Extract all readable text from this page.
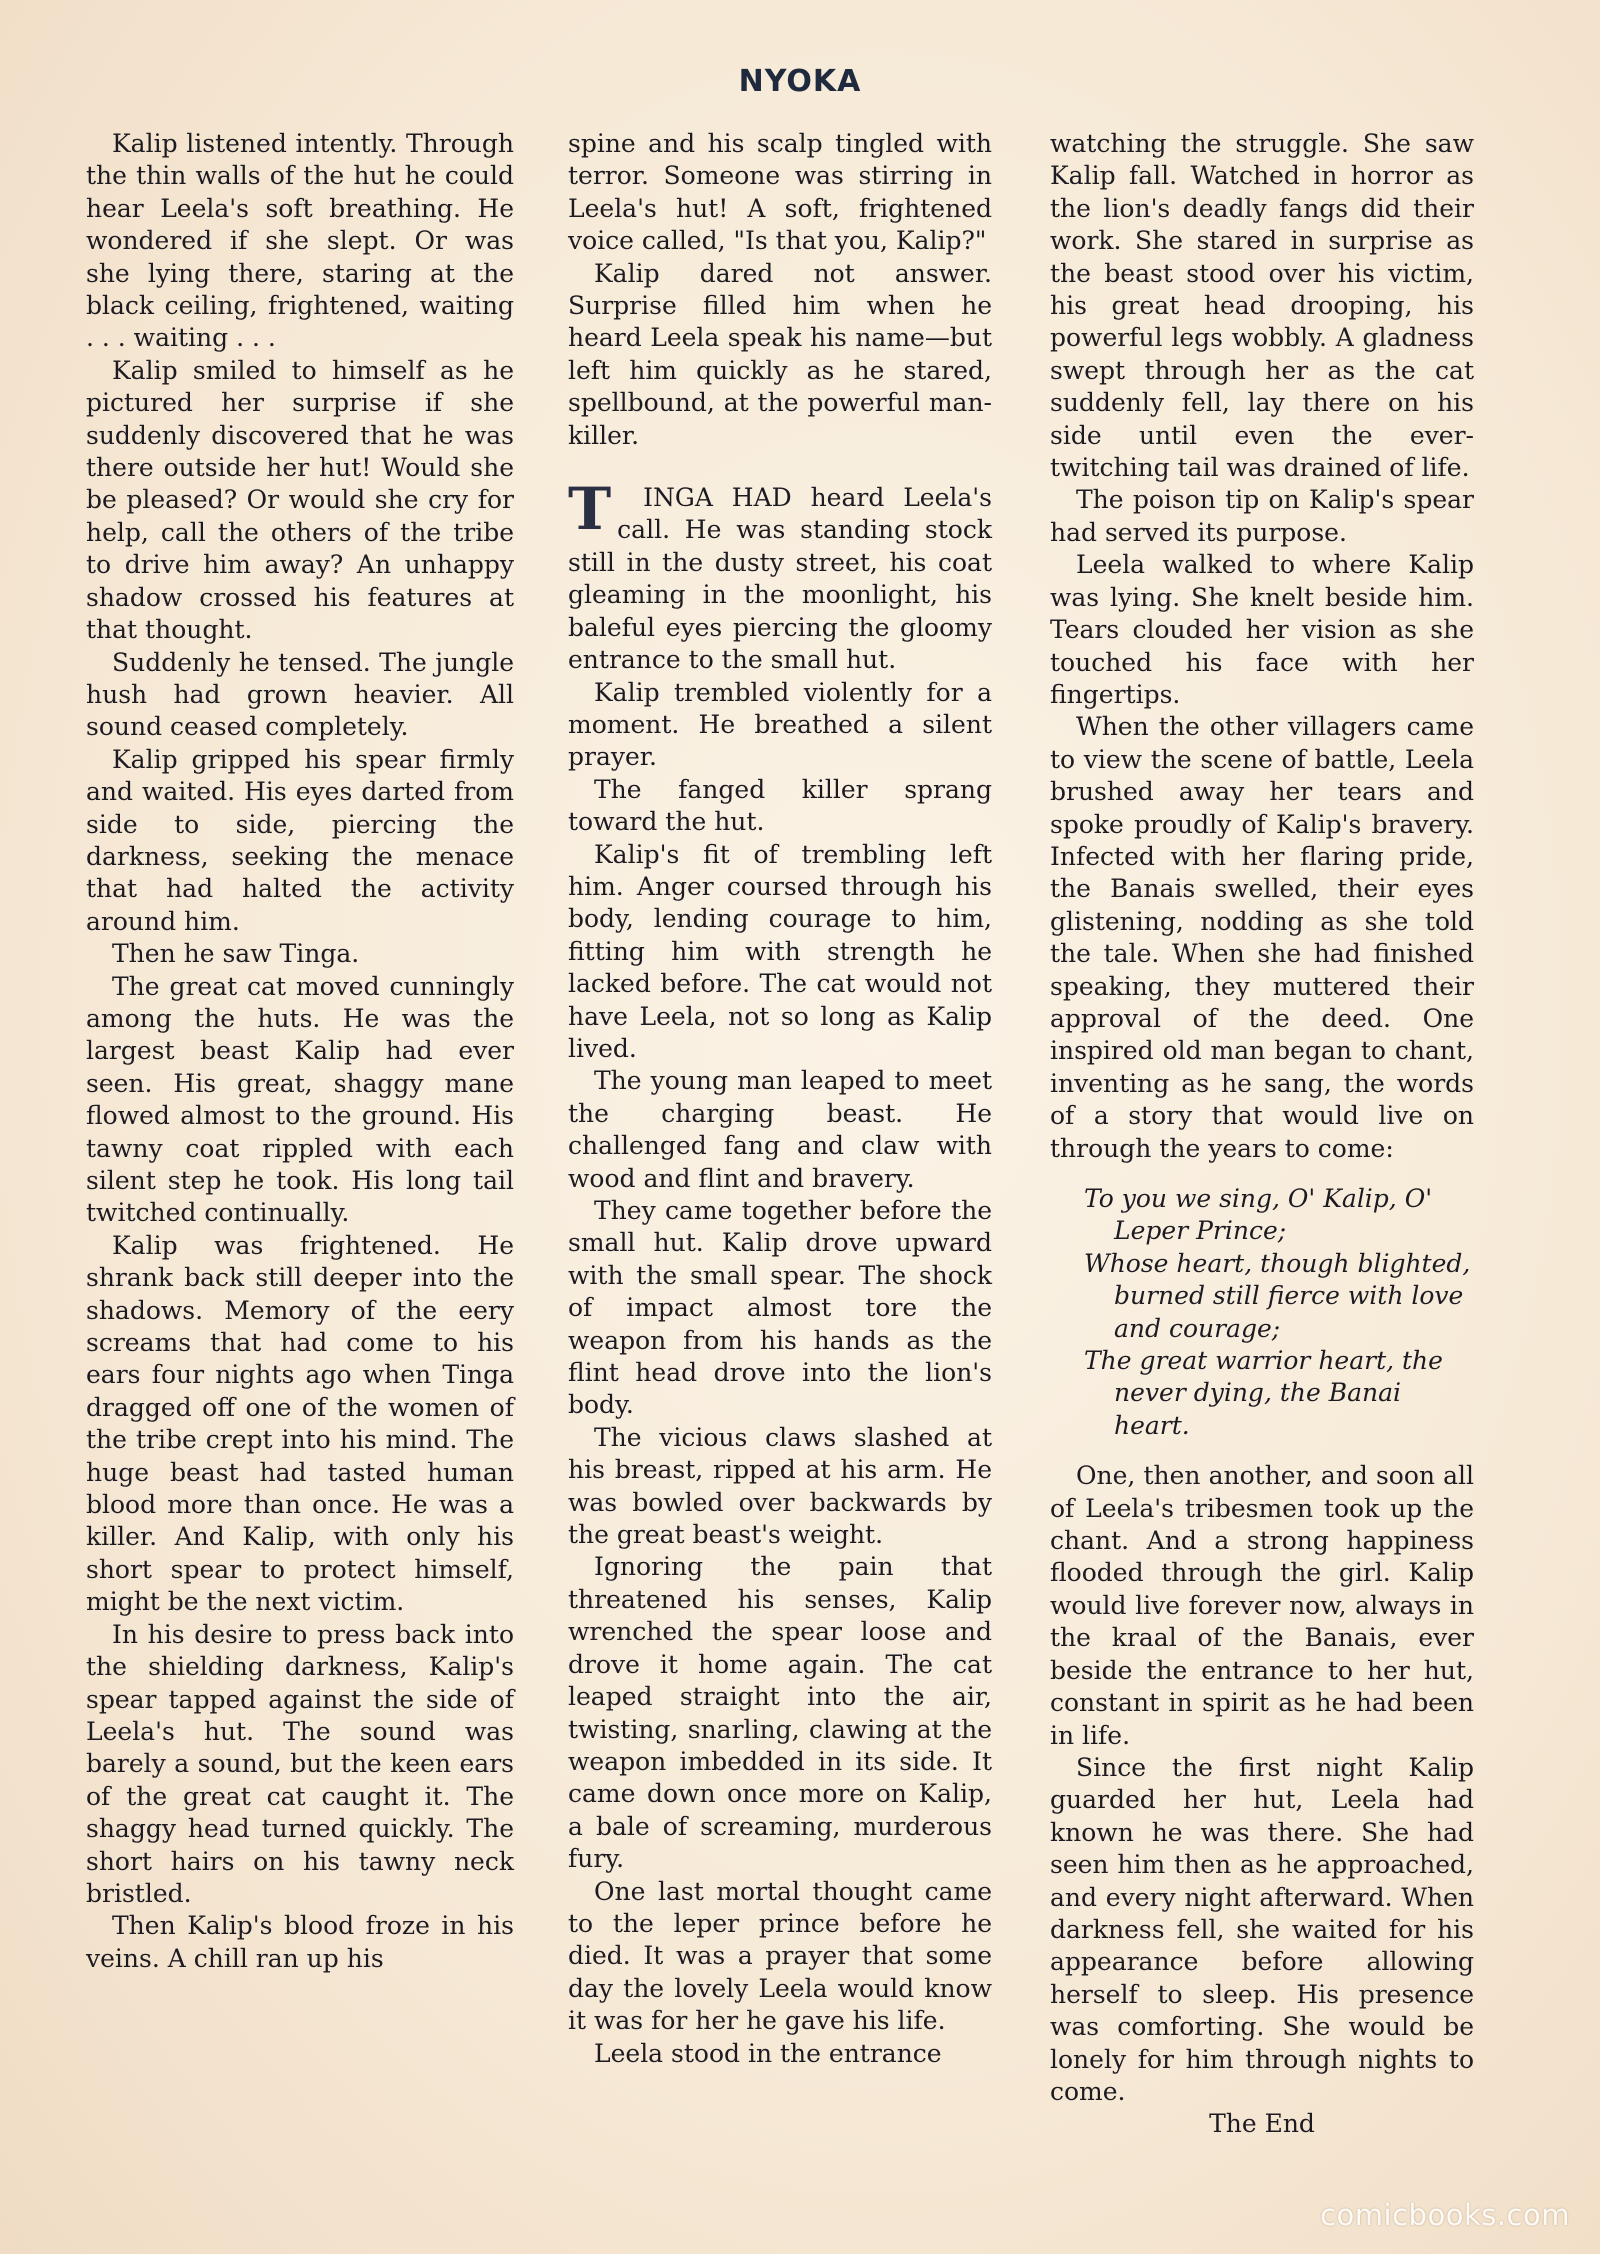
NYOKA

Kalip listened intently. Through the thin walls of the hut he could hear Leela's soft breathing. He wondered if she slept. Or was she lying there, staring at the black ceiling, frightened, waiting . . . waiting . . .

Kalip smiled to himself as he pictured her surprise if she suddenly discovered that he was there outside her hut! Would she be pleased? Or would she cry for help, call the others of the tribe to drive him away? An unhappy shadow crossed his features at that thought.

Suddenly he tensed. The jungle hush had grown heavier. All sound ceased completely.

Kalip gripped his spear firmly and waited. His eyes darted from side to side, piercing the darkness, seeking the menace that had halted the activity around him.

Then he saw Tinga.

The great cat moved cunningly among the huts. He was the largest beast Kalip had ever seen. His great, shaggy mane flowed almost to the ground. His tawny coat rippled with each silent step he took. His long tail twitched continually.

Kalip was frightened. He shrank back still deeper into the shadows. Memory of the eery screams that had come to his ears four nights ago when Tinga dragged off one of the women of the tribe crept into his mind. The huge beast had tasted human blood more than once. He was a killer. And Kalip, with only his short spear to protect himself, might be the next victim.

In his desire to press back into the shielding darkness, Kalip's spear tapped against the side of Leela's hut. The sound was barely a sound, but the keen ears of the great cat caught it. The shaggy head turned quickly. The short hairs on his tawny neck bristled.

Then Kalip's blood froze in his veins. A chill ran up his

spine and his scalp tingled with terror. Someone was stirring in Leela's hut! A soft, frightened voice called, "Is that you, Kalip?"

Kalip dared not answer. Surprise filled him when he heard Leela speak his name—but left him quickly as he stared, spellbound, at the powerful man-killer.

T INGA HAD heard Leela's call. He was standing stock still in the dusty street, his coat gleaming in the moonlight, his baleful eyes piercing the gloomy entrance to the small hut.

Kalip trembled violently for a moment. He breathed a silent prayer.

The fanged killer sprang toward the hut.

Kalip's fit of trembling left him. Anger coursed through his body, lending courage to him, fitting him with strength he lacked before. The cat would not have Leela, not so long as Kalip lived.

The young man leaped to meet the charging beast. He challenged fang and claw with wood and flint and bravery.

They came together before the small hut. Kalip drove upward with the small spear. The shock of impact almost tore the weapon from his hands as the flint head drove into the lion's body.

The vicious claws slashed at his breast, ripped at his arm. He was bowled over backwards by the great beast's weight.

Ignoring the pain that threatened his senses, Kalip wrenched the spear loose and drove it home again. The cat leaped straight into the air, twisting, snarling, clawing at the weapon imbedded in its side. It came down once more on Kalip, a bale of screaming, murderous fury.

One last mortal thought came to the leper prince before he died. It was a prayer that some day the lovely Leela would know it was for her he gave his life.

Leela stood in the entrance

watching the struggle. She saw Kalip fall. Watched in horror as the lion's deadly fangs did their work. She stared in surprise as the beast stood over his victim, his great head drooping, his powerful legs wobbly. A gladness swept through her as the cat suddenly fell, lay there on his side until even the ever-twitching tail was drained of life.

The poison tip on Kalip's spear had served its purpose.

Leela walked to where Kalip was lying. She knelt beside him. Tears clouded her vision as she touched his face with her fingertips.

When the other villagers came to view the scene of battle, Leela brushed away her tears and spoke proudly of Kalip's bravery. Infected with her flaring pride, the Banais swelled, their eyes glistening, nodding as she told the tale. When she had finished speaking, they muttered their approval of the deed. One inspired old man began to chant, inventing as he sang, the words of a story that would live on through the years to come:

To you we sing, O' Kalip, O' Leper Prince;
Whose heart, though blighted, burned still fierce with love and courage;
The great warrior heart, the never dying, the Banai heart.

One, then another, and soon all of Leela's tribesmen took up the chant. And a strong happiness flooded through the girl. Kalip would live forever now, always in the kraal of the Banais, ever beside the entrance to her hut, constant in spirit as he had been in life.

Since the first night Kalip guarded her hut, Leela had known he was there. She had seen him then as he approached, and every night afterward. When darkness fell, she waited for his appearance before allowing herself to sleep. His presence was comforting. She would be lonely for him through nights to come.

The End

comicbooks.com
